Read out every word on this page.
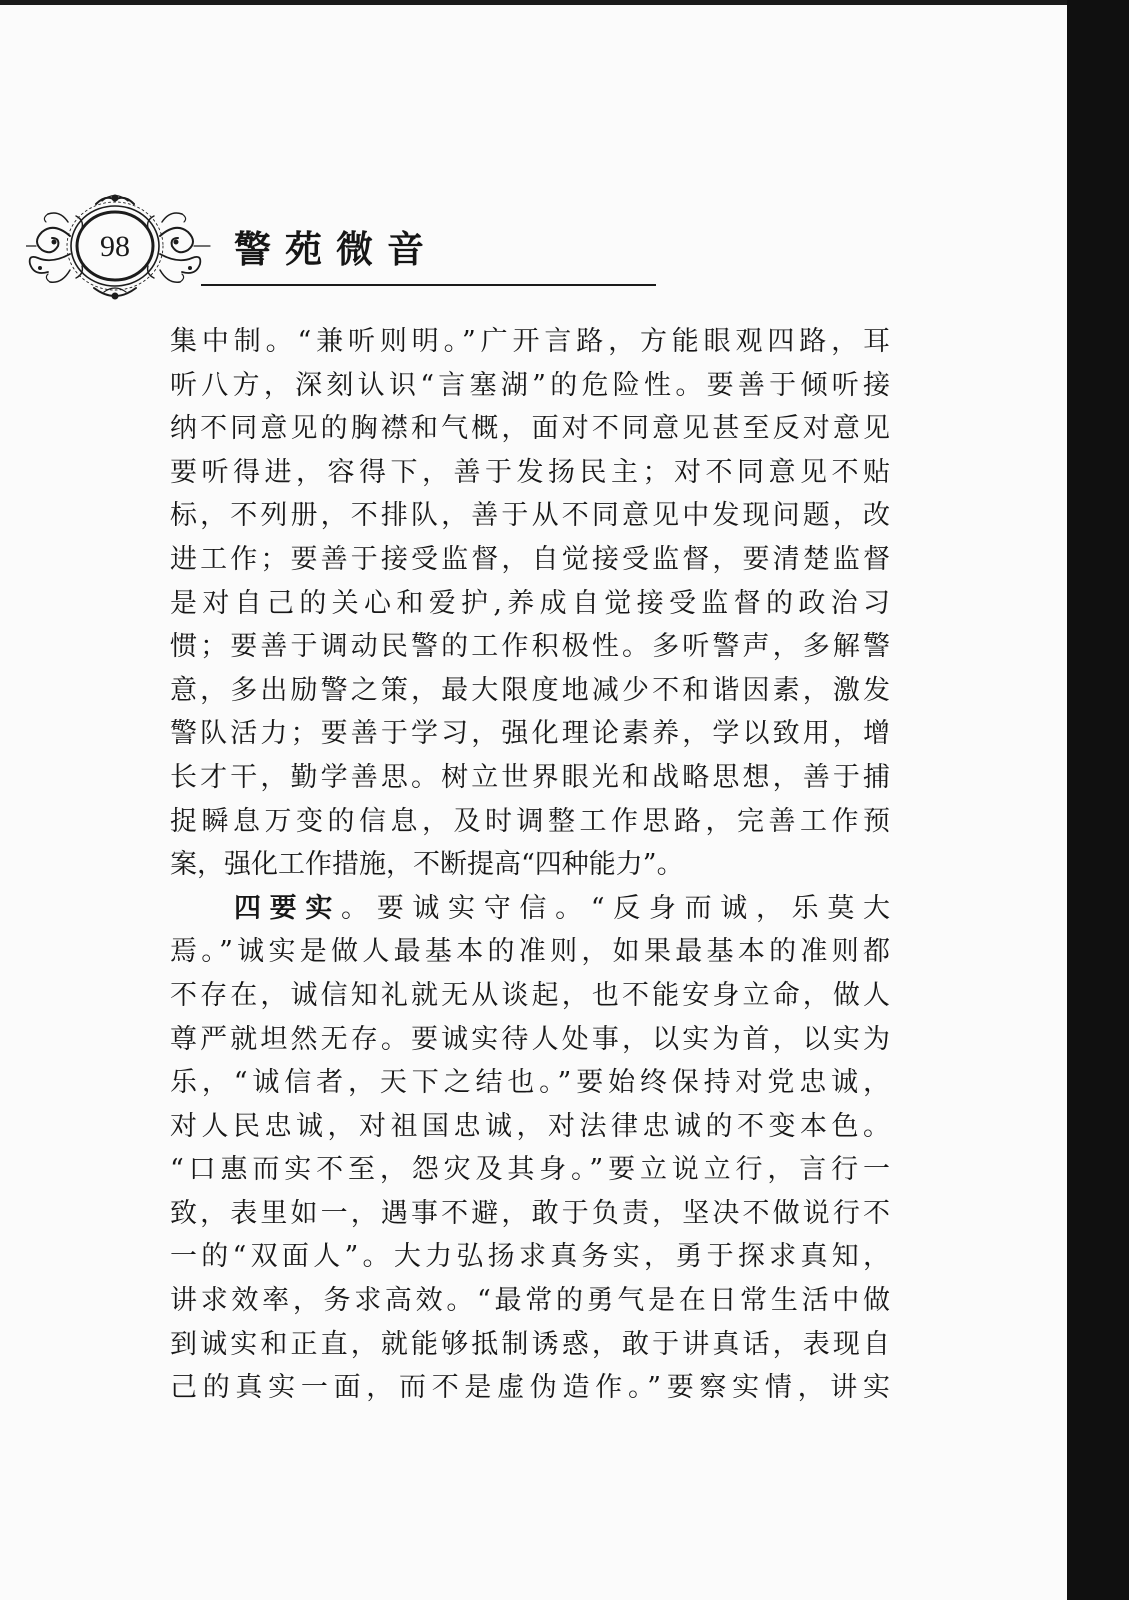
98	警苑微音
集中制。“兼听则明。”广开言路，方能眼观四路，耳
听八方，深刻认识“言塞湖”的危险性。要善于倾听接
纳不同意见的胸襟和气概，面对不同意见甚至反对意见
要听得进，容得下，善于发扬民主；对不同意见不贴
标，不列册，不排队，善于从不同意见中发现问题，改
进工作；要善于接受监督，自觉接受监督，要清楚监督
是对自己的关心和爱护,养成自觉接受监督的政治习
惯；要善于调动民警的工作积极性。多听警声，多解警
意，多出励警之策，最大限度地减少不和谐因素，激发
警队活力；要善于学习，强化理论素养，学以致用，增
长才干，勤学善思。树立世界眼光和战略思想，善于捕
捉瞬息万变的信息，及时调整工作思路，完善工作预
案，强化工作措施，不断提高“四种能力”。
四要实。要诚实守信。“反身而诚，乐莫大
焉。”诚实是做人最基本的准则，如果最基本的准则都
不存在，诚信知礼就无从谈起，也不能安身立命，做人
尊严就坦然无存。要诚实待人处事，以实为首，以实为
乐，“诚信者，天下之结也。”要始终保持对党忠诚，
对人民忠诚，对祖国忠诚，对法律忠诚的不变本色。
“口惠而实不至，怨灾及其身。”要立说立行，言行一
致，表里如一，遇事不避，敢于负责，坚决不做说行不
一的“双面人”。大力弘扬求真务实，勇于探求真知，
讲求效率，务求高效。“最常的勇气是在日常生活中做
到诚实和正直，就能够抵制诱惑，敢于讲真话，表现自
己的真实一面，而不是虚伪造作。”要察实情，讲实
